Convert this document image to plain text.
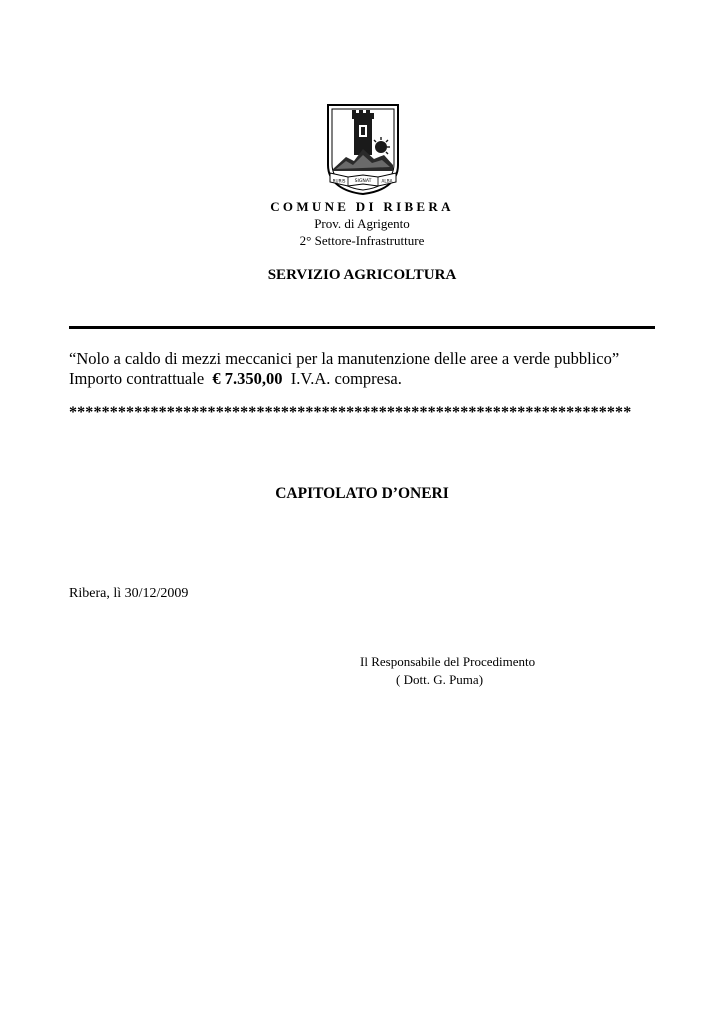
RURIS SIGNAT ALBA
COMUNE DI RIBERA
Prov. di Agrigento
2° Settore-Infrastrutture
SERVIZIO AGRICOLTURA
“Nolo a caldo di mezzi meccanici per la manutenzione delle aree a verde pubblico”
Importo contrattuale € 7.350,00 I.V.A. compresa.
*********************************************************************
CAPITOLATO D’ONERI
Ribera, lì 30/12/2009
Il Responsabile del Procedimento
( Dott. G. Puma)
